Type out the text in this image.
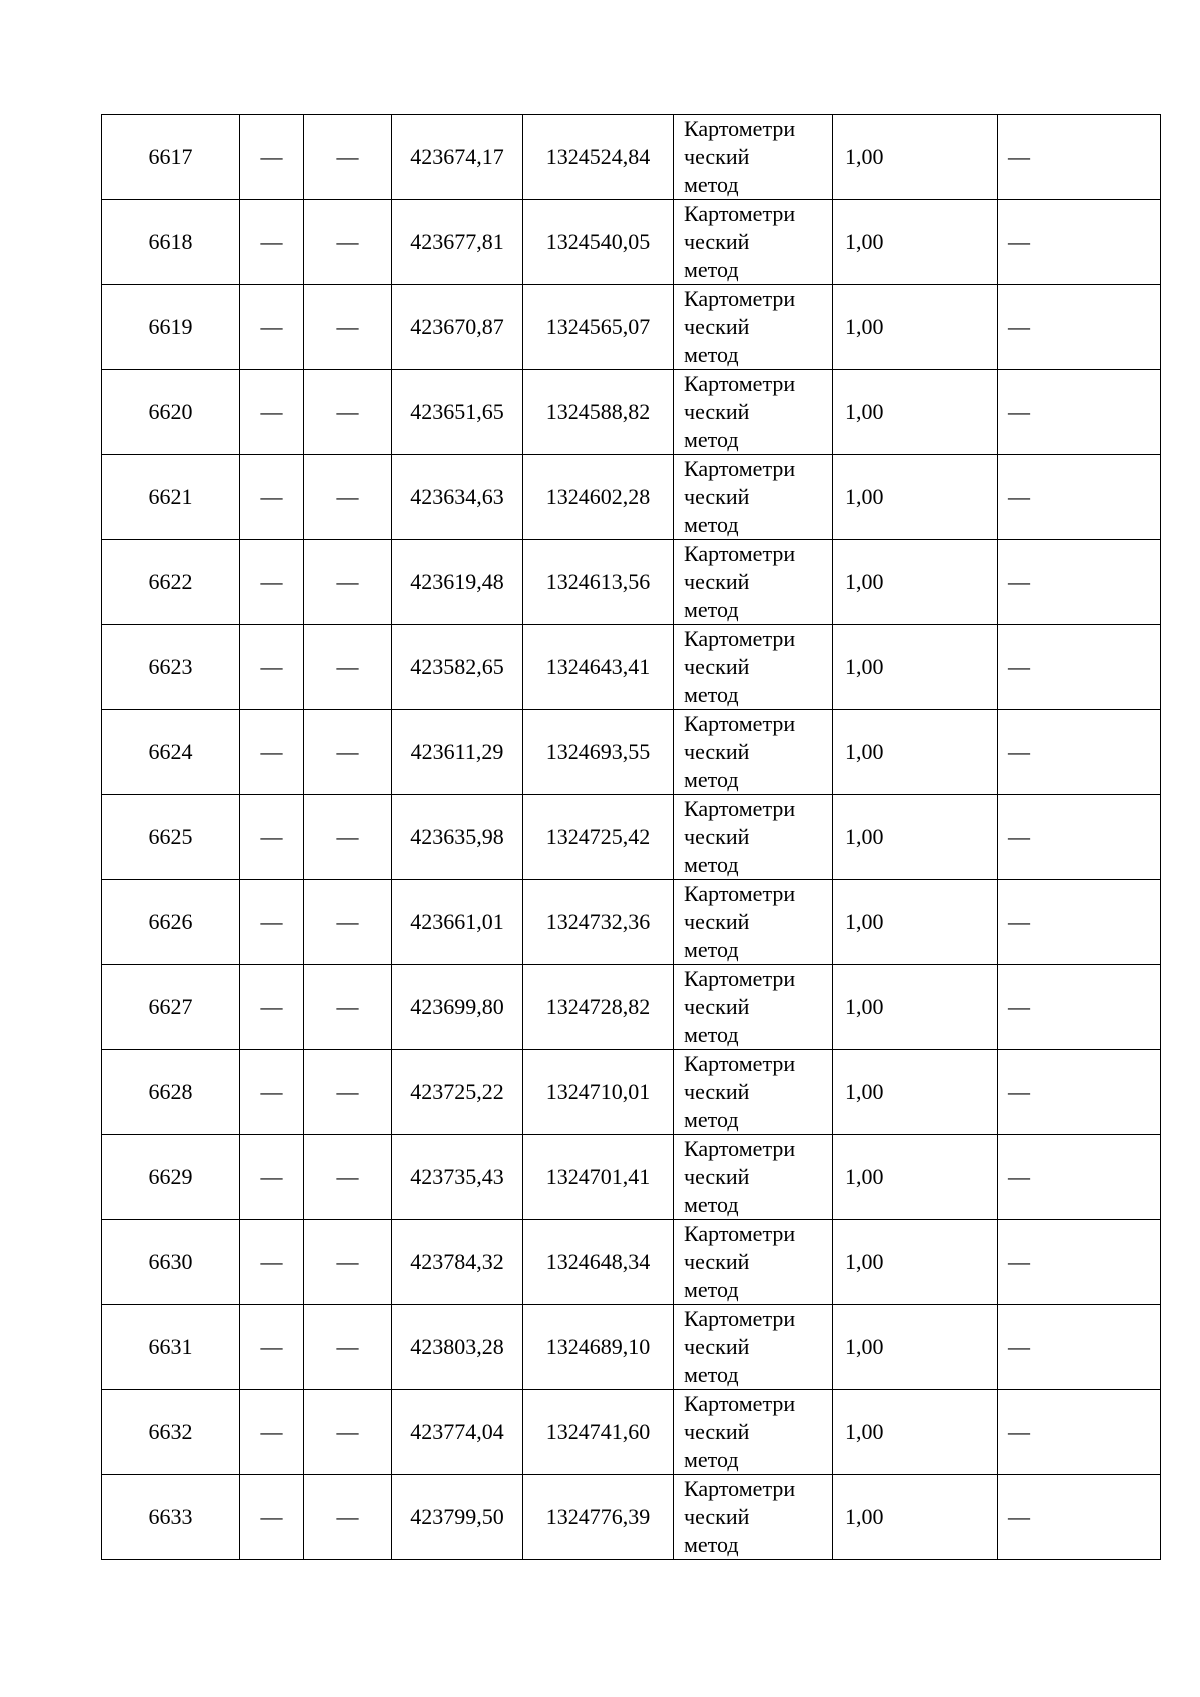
6617	—	—	423674,17	1324524,84	Картометри
ческий
метод	1,00	—
6618	—	—	423677,81	1324540,05	Картометри
ческий
метод	1,00	—
6619	—	—	423670,87	1324565,07	Картометри
ческий
метод	1,00	—
6620	—	—	423651,65	1324588,82	Картометри
ческий
метод	1,00	—
6621	—	—	423634,63	1324602,28	Картометри
ческий
метод	1,00	—
6622	—	—	423619,48	1324613,56	Картометри
ческий
метод	1,00	—
6623	—	—	423582,65	1324643,41	Картометри
ческий
метод	1,00	—
6624	—	—	423611,29	1324693,55	Картометри
ческий
метод	1,00	—
6625	—	—	423635,98	1324725,42	Картометри
ческий
метод	1,00	—
6626	—	—	423661,01	1324732,36	Картометри
ческий
метод	1,00	—
6627	—	—	423699,80	1324728,82	Картометри
ческий
метод	1,00	—
6628	—	—	423725,22	1324710,01	Картометри
ческий
метод	1,00	—
6629	—	—	423735,43	1324701,41	Картометри
ческий
метод	1,00	—
6630	—	—	423784,32	1324648,34	Картометри
ческий
метод	1,00	—
6631	—	—	423803,28	1324689,10	Картометри
ческий
метод	1,00	—
6632	—	—	423774,04	1324741,60	Картометри
ческий
метод	1,00	—
6633	—	—	423799,50	1324776,39	Картометри
ческий
метод	1,00	—
